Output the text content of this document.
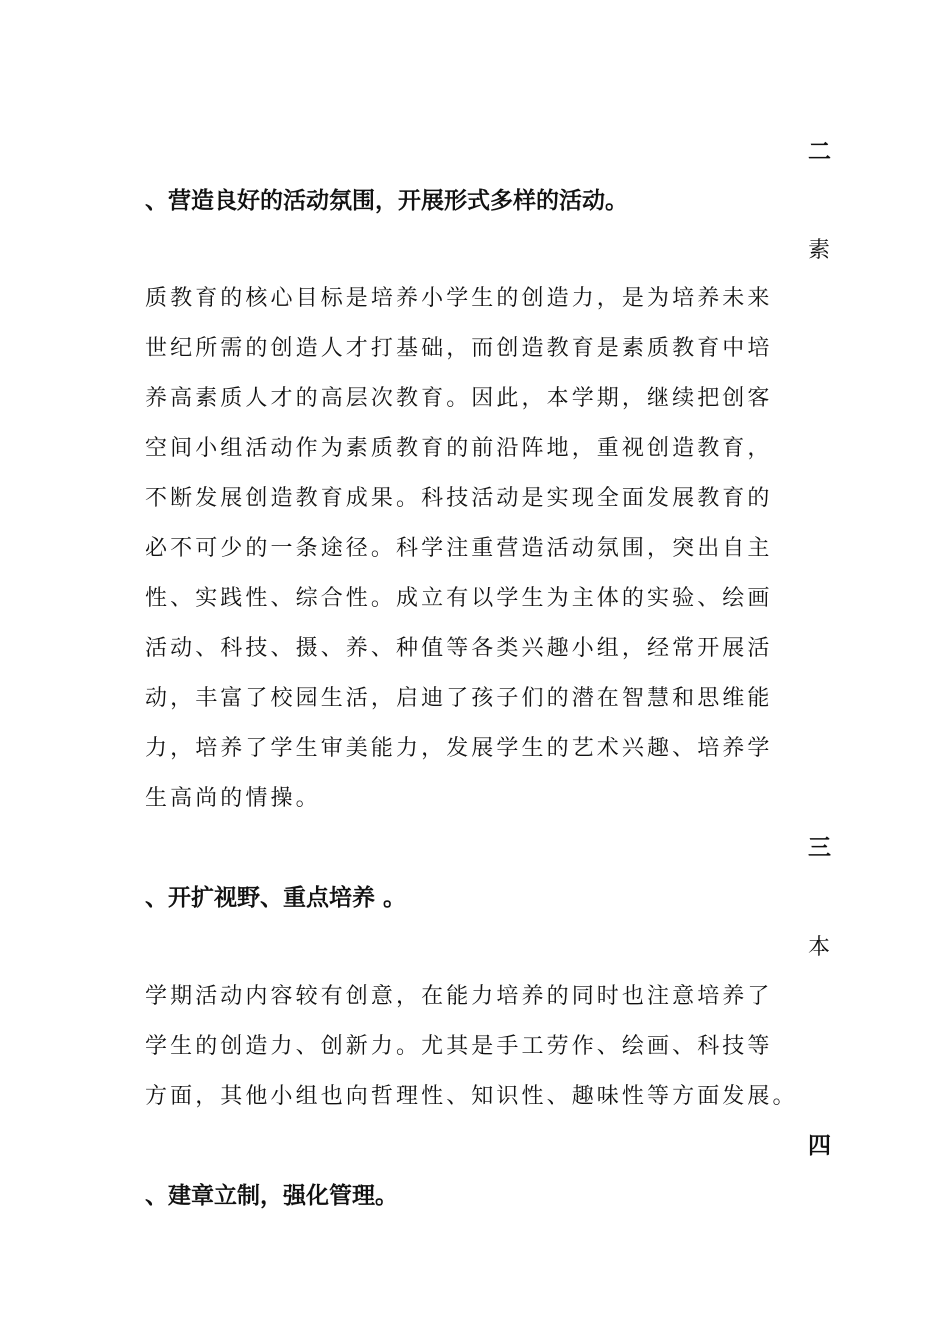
二
、营造良好的活动氛围，开展形式多样的活动。
素
质教育的核心目标是培养小学生的创造力，是为培养未来
世纪所需的创造人才打基础，而创造教育是素质教育中培
养高素质人才的高层次教育。因此，本学期，继续把创客
空间小组活动作为素质教育的前沿阵地，重视创造教育，
不断发展创造教育成果。科技活动是实现全面发展教育的
必不可少的一条途径。科学注重营造活动氛围，突出自主
性、实践性、综合性。成立有以学生为主体的实验、绘画
活动、科技、摄、养、种值等各类兴趣小组，经常开展活
动，丰富了校园生活，启迪了孩子们的潜在智慧和思维能
力，培养了学生审美能力，发展学生的艺术兴趣、培养学
生高尚的情操。
三
、开扩视野、重点培养 。
本
学期活动内容较有创意，在能力培养的同时也注意培养了
学生的创造力、创新力。尤其是手工劳作、绘画、科技等
方面，其他小组也向哲理性、知识性、趣味性等方面发展。
四
、建章立制，强化管理。
